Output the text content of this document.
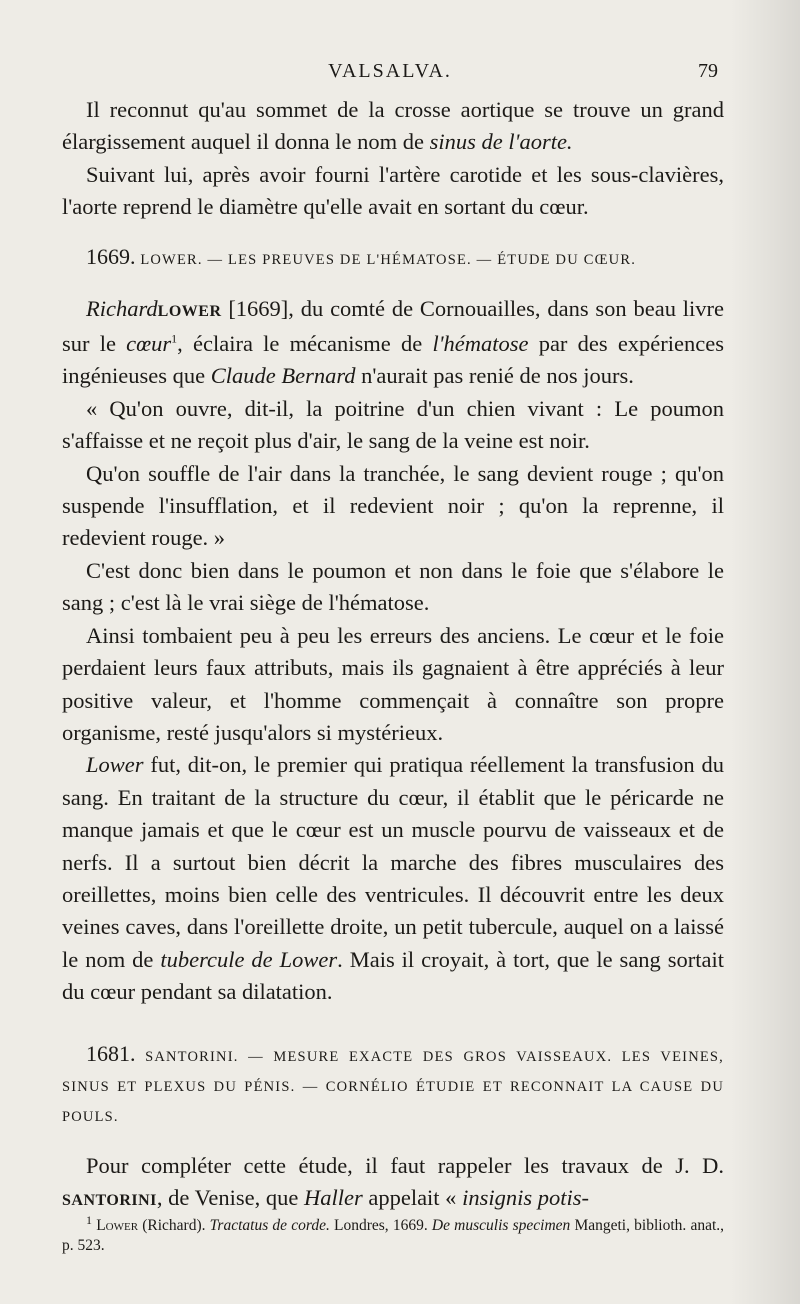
VALSALVA.	79

Il reconnut qu'au sommet de la crosse aortique se trouve un grand élargissement auquel il donna le nom de sinus de l'aorte.

Suivant lui, après avoir fourni l'artère carotide et les sous-clavières, l'aorte reprend le diamètre qu'elle avait en sortant du cœur.

1669. LOWER. — LES PREUVES DE L'HÉMATOSE. — ÉTUDE DU CŒUR.

RichardLOWER [1669], du comté de Cornouailles, dans son beau livre sur le cœur$^1$, éclaira le mécanisme de l'hématose par des expériences ingénieuses que Claude Bernard n'aurait pas renié de nos jours.

« Qu'on ouvre, dit-il, la poitrine d'un chien vivant : Le poumon s'affaisse et ne reçoit plus d'air, le sang de la veine est noir.

Qu'on souffle de l'air dans la tranchée, le sang devient rouge ; qu'on suspende l'insufflation, et il redevient noir ; qu'on la reprenne, il redevient rouge. »

C'est donc bien dans le poumon et non dans le foie que s'élabore le sang ; c'est là le vrai siège de l'hématose.

Ainsi tombaient peu à peu les erreurs des anciens. Le cœur et le foie perdaient leurs faux attributs, mais ils gagnaient à être appréciés à leur positive valeur, et l'homme commençait à connaître son propre organisme, resté jusqu'alors si mystérieux.

Lower fut, dit-on, le premier qui pratiqua réellement la transfusion du sang. En traitant de la structure du cœur, il établit que le péricarde ne manque jamais et que le cœur est un muscle pourvu de vaisseaux et de nerfs. Il a surtout bien décrit la marche des fibres musculaires des oreillettes, moins bien celle des ventricules. Il découvrit entre les deux veines caves, dans l'oreillette droite, un petit tubercule, auquel on a laissé le nom de tubercule de Lower. Mais il croyait, à tort, que le sang sortait du cœur pendant sa dilatation.

1681. SANTORINI. — MESURE EXACTE DES GROS VAISSEAUX. LES VEINES, SINUS ET PLEXUS DU PÉNIS. — CORNÉLIO ÉTUDIE ET RECONNAIT LA CAUSE DU POULS.

Pour compléter cette étude, il faut rappeler les travaux de J. D. SANTORINI, de Venise, que Haller appelait « insignis potis-

$^1$ Lower (Richard). Tractatus de corde. Londres, 1669. De musculis specimen Mangeti, biblioth. anat., p. 523.
